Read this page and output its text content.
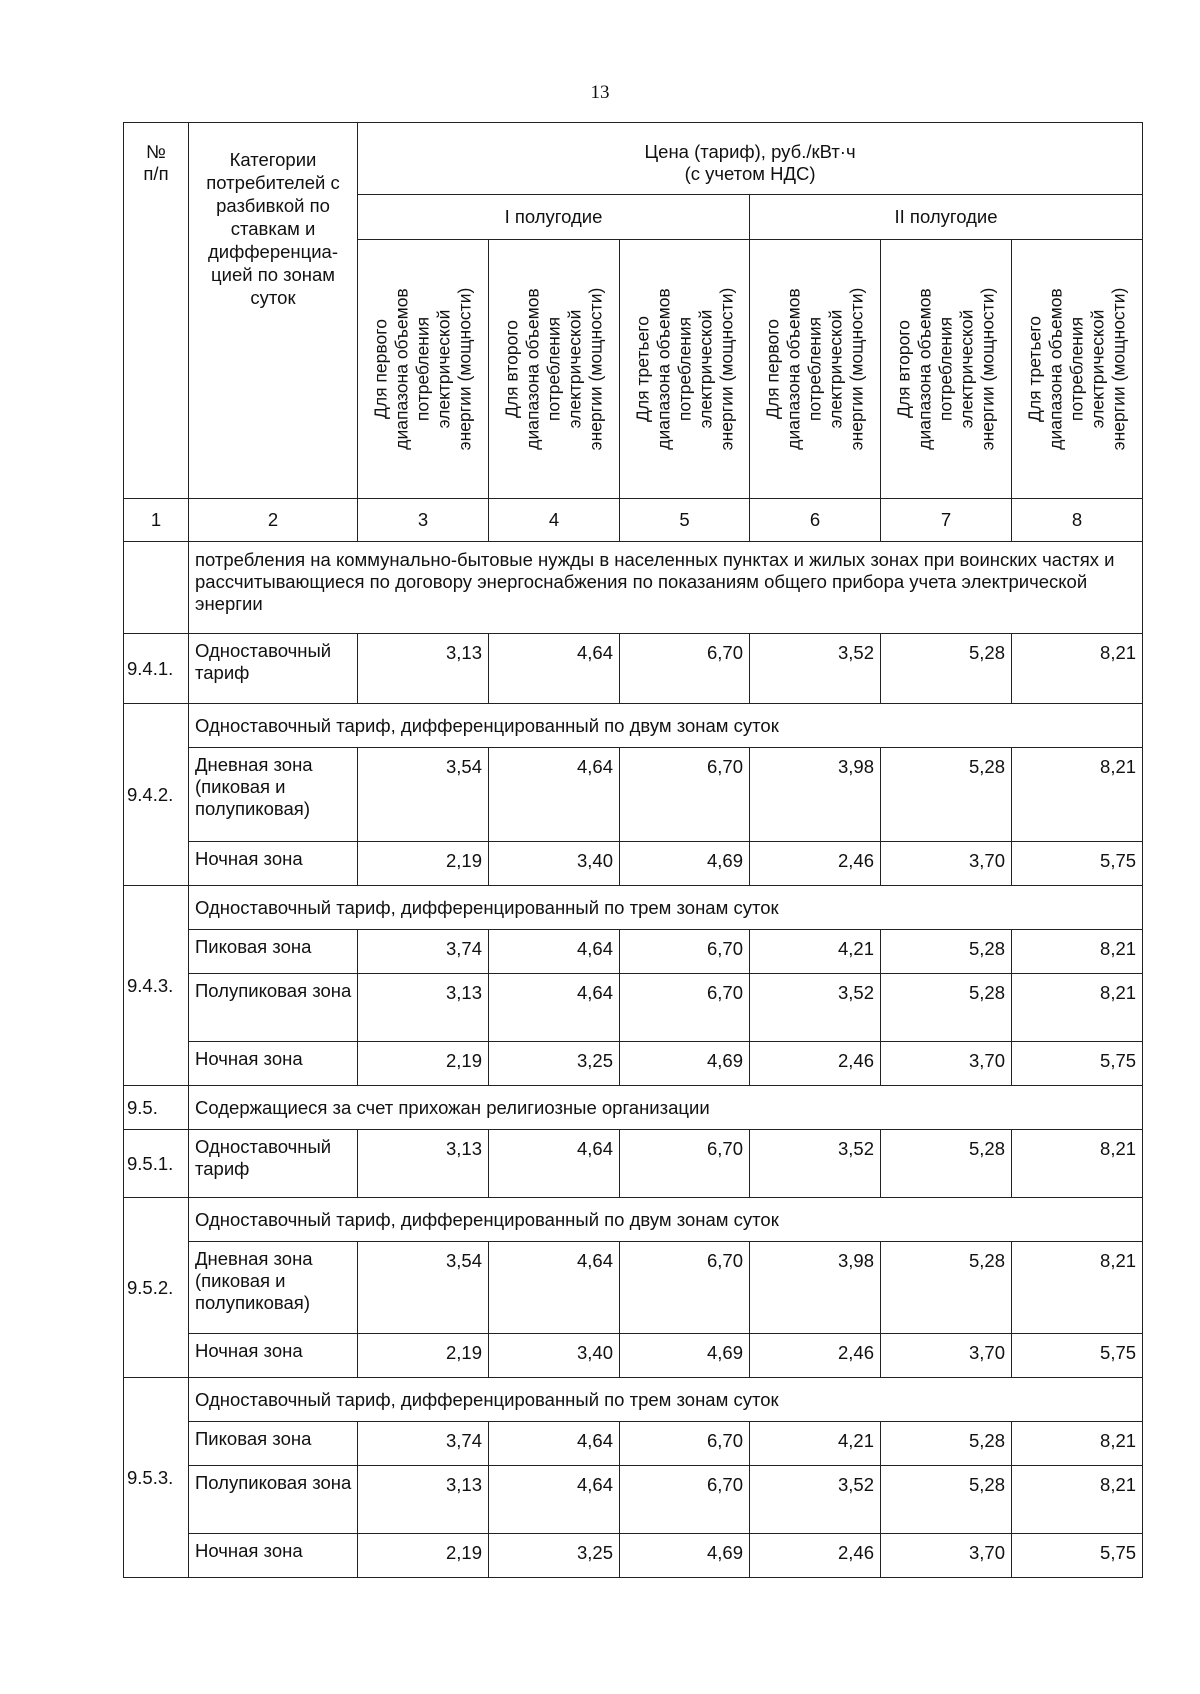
13
№
п/п	Категории потребителей с разбивкой по ставкам и дифференциа-цией по зонам суток	Цена (тариф), руб./кВт·ч
(с учетом НДС)					
		I полугодие			II полугодие		

		Для первого
диапазона объемов
потребления
электрической
энергии (мощности)	Для второго
диапазона объемов
потребления
электрической
энергии (мощности)	Для третьего
диапазона объемов
потребления
электрической
энергии (мощности)	Для первого
диапазона объемов
потребления
электрической
энергии (мощности)	Для второго
диапазона объемов
потребления
электрической
энергии (мощности)	Для третьего
диапазона объемов
потребления
электрической
энергии (мощности)

1	2	3	4	5	6	7	8
	потребления на коммунально-бытовые нужды в населенных пунктах и жилых зонах при воинских частях и рассчитывающиеся по договору энергоснабжения по показаниям общего прибора учета электрической энергии						
9.4.1.	Одноставочный тариф	3,13	4,64	6,70	3,52	5,28	8,21
9.4.2.	Одноставочный тариф, дифференцированный по двум зонам суток						
	Дневная зона (пиковая и полупиковая)	3,54	4,64	6,70	3,98	5,28	8,21
	Ночная зона	2,19	3,40	4,69	2,46	3,70	5,75
9.4.3.	Одноставочный тариф, дифференцированный по трем зонам суток						
	Пиковая зона	3,74	4,64	6,70	4,21	5,28	8,21
	Полупиковая зона	3,13	4,64	6,70	3,52	5,28	8,21
	Ночная зона	2,19	3,25	4,69	2,46	3,70	5,75
9.5.	Содержащиеся за счет прихожан религиозные организации						
9.5.1.	Одноставочный тариф	3,13	4,64	6,70	3,52	5,28	8,21
9.5.2.	Одноставочный тариф, дифференцированный по двум зонам суток						
	Дневная зона (пиковая и полупиковая)	3,54	4,64	6,70	3,98	5,28	8,21
	Ночная зона	2,19	3,40	4,69	2,46	3,70	5,75
9.5.3.	Одноставочный тариф, дифференцированный по трем зонам суток						
	Пиковая зона	3,74	4,64	6,70	4,21	5,28	8,21
	Полупиковая зона	3,13	4,64	6,70	3,52	5,28	8,21
	Ночная зона	2,19	3,25	4,69	2,46	3,70	5,75
